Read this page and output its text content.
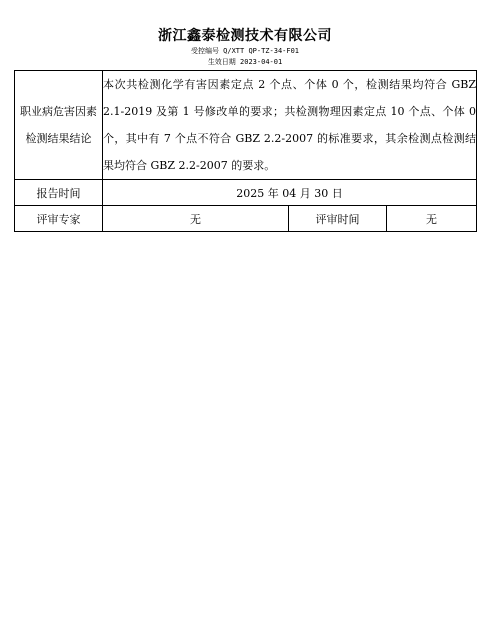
浙江鑫泰检测技术有限公司
受控编号 Q/XTT QP-TZ-34-F01
生效日期 2023-04-01
职业病危害因素检测结果结论	本次共检测化学有害因素定点 2 个点、个体 0 个，检测结果均符合 GBZ 2.1-2019 及第 1 号修改单的要求；共检测物理因素定点 10 个点、个体 0 个，其中有 7 个点不符合 GBZ 2.2-2007 的标准要求，其余检测点检测结果均符合 GBZ 2.2-2007 的要求。		
报告时间	2025 年 04 月 30 日		
评审专家	无	评审时间	无
